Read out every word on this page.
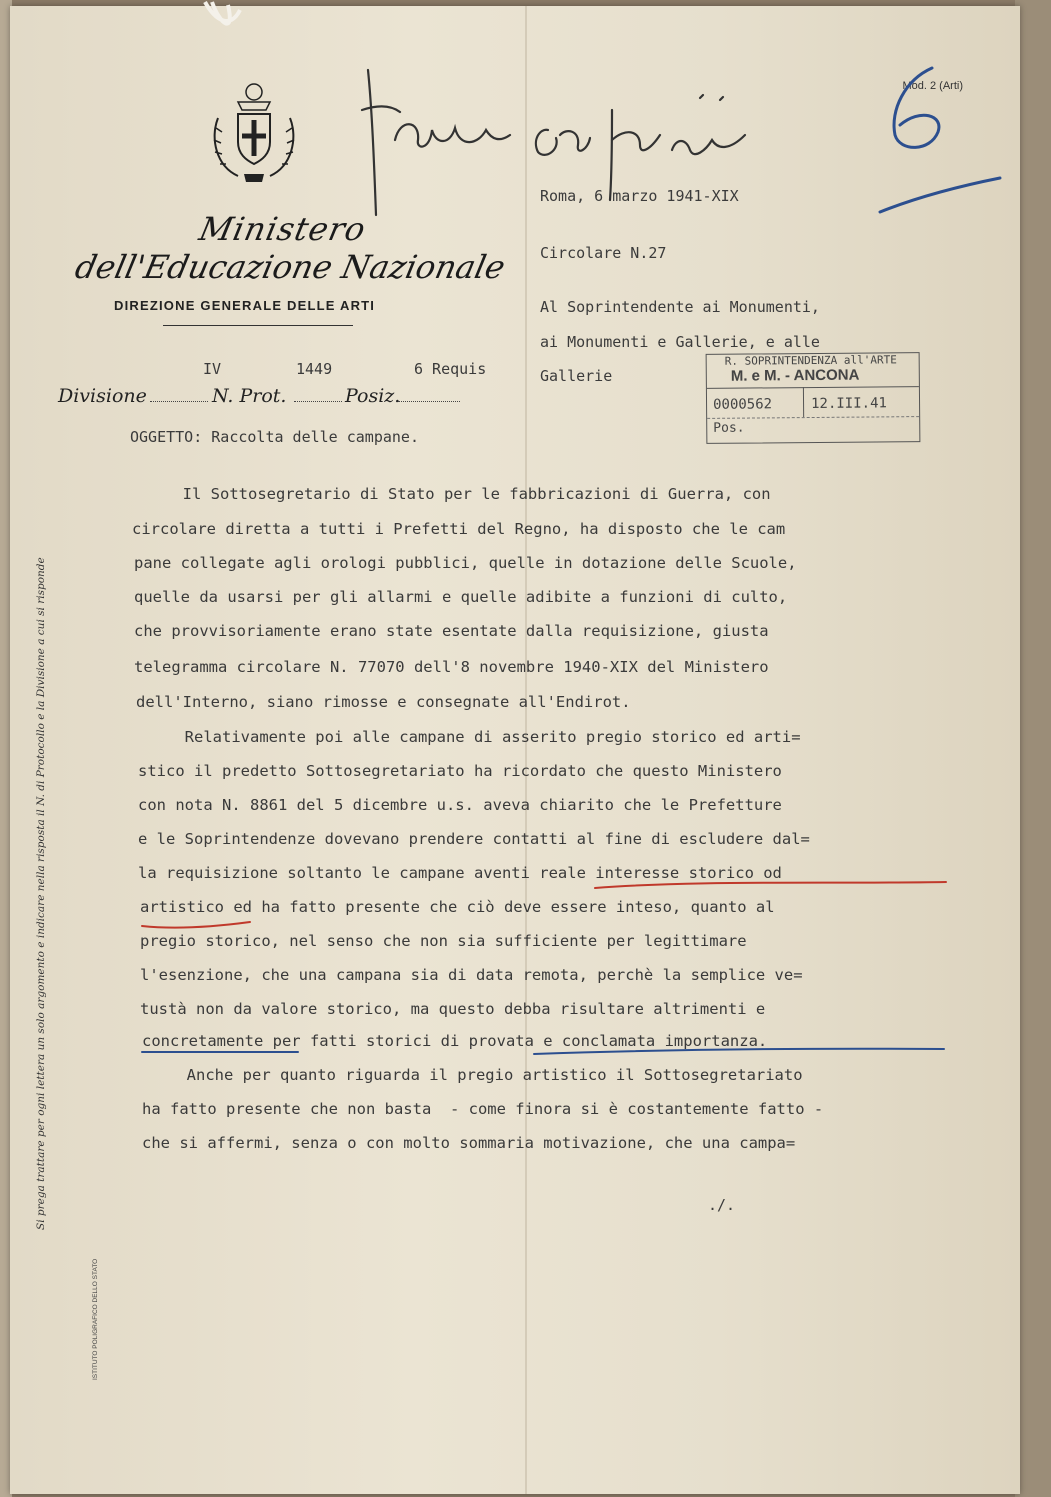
Mod. 2 (Arti)
Ministero
dell'Educazione Nazionale
DIREZIONE GENERALE DELLE ARTI
IV	1449	6 Requis
Divisione	N. Prot.	Posiz.
Roma, 6 marzo 1941-XIX
Circolare N.27
Al Soprintendente ai Monumenti,
ai Monumenti e Gallerie, e alle
Gallerie
R. SOPRINTENDENZA all'ARTE
M. e M. - ANCONA
0000562	12.III.41
Pos.
OGGETTO: Raccolta delle campane.
Il Sottosegretario di Stato per le fabbricazioni di Guerra, con
circolare diretta a tutti i Prefetti del Regno, ha disposto che le cam
pane collegate agli orologi pubblici, quelle in dotazione delle Scuole,
quelle da usarsi per gli allarmi e quelle adibite a funzioni di culto,
che provvisoriamente erano state esentate dalla requisizione, giusta
telegramma circolare N. 77070 dell'8 novembre 1940-XIX del Ministero
dell'Interno, siano rimosse e consegnate all'Endirot.
Relativamente poi alle campane di asserito pregio storico ed arti=
stico il predetto Sottosegretariato ha ricordato che questo Ministero
con nota N. 8861 del 5 dicembre u.s. aveva chiarito che le Prefetture
e le Soprintendenze dovevano prendere contatti al fine di escludere dal=
la requisizione soltanto le campane aventi reale interesse storico od
artistico ed ha fatto presente che ciò deve essere inteso, quanto al
pregio storico, nel senso che non sia sufficiente per legittimare
l'esenzione, che una campana sia di data remota, perchè la semplice ve=
tustà non da valore storico, ma questo debba risultare altrimenti e
concretamente per fatti storici di provata e conclamata importanza.
Anche per quanto riguarda il pregio artistico il Sottosegretariato
ha fatto presente che non basta  - come finora si è costantemente fatto -
che si affermi, senza o con molto sommaria motivazione, che una campa=
./.
Si prega trattare per ogni lettera un solo argomento e indicare nella risposta il N. di Protocollo e la Divisione a cui si risponde
ISTITUTO POLIGRAFICO DELLO STATO
